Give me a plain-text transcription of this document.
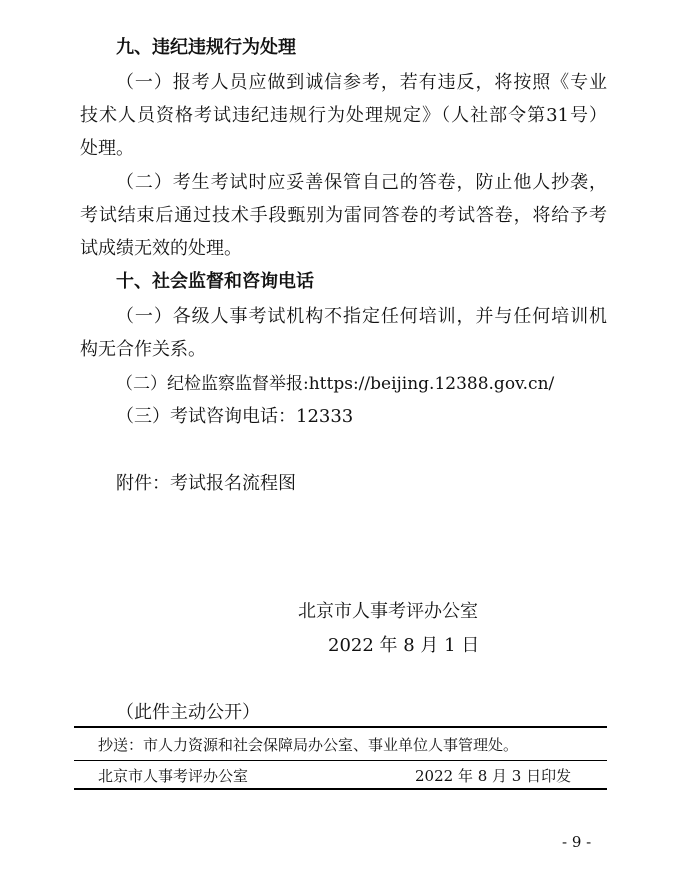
九、违纪违规行为处理
（一）报考人员应做到诚信参考，若有违反，将按照《专业
技术人员资格考试违纪违规行为处理规定》（人社部令第31号）
处理。
（二）考生考试时应妥善保管自己的答卷，防止他人抄袭，
考试结束后通过技术手段甄别为雷同答卷的考试答卷，将给予考
试成绩无效的处理。
十、社会监督和咨询电话
（一）各级人事考试机构不指定任何培训，并与任何培训机
构无合作关系。
（二）纪检监察监督举报:https://beijing.12388.gov.cn/
（三）考试咨询电话：12333
附件：考试报名流程图
北京市人事考评办公室
2022 年 8 月 1 日
（此件主动公开）
抄送：市人力资源和社会保障局办公室、事业单位人事管理处。
北京市人事考评办公室	2022 年 8 月 3 日印发
- 9 -
